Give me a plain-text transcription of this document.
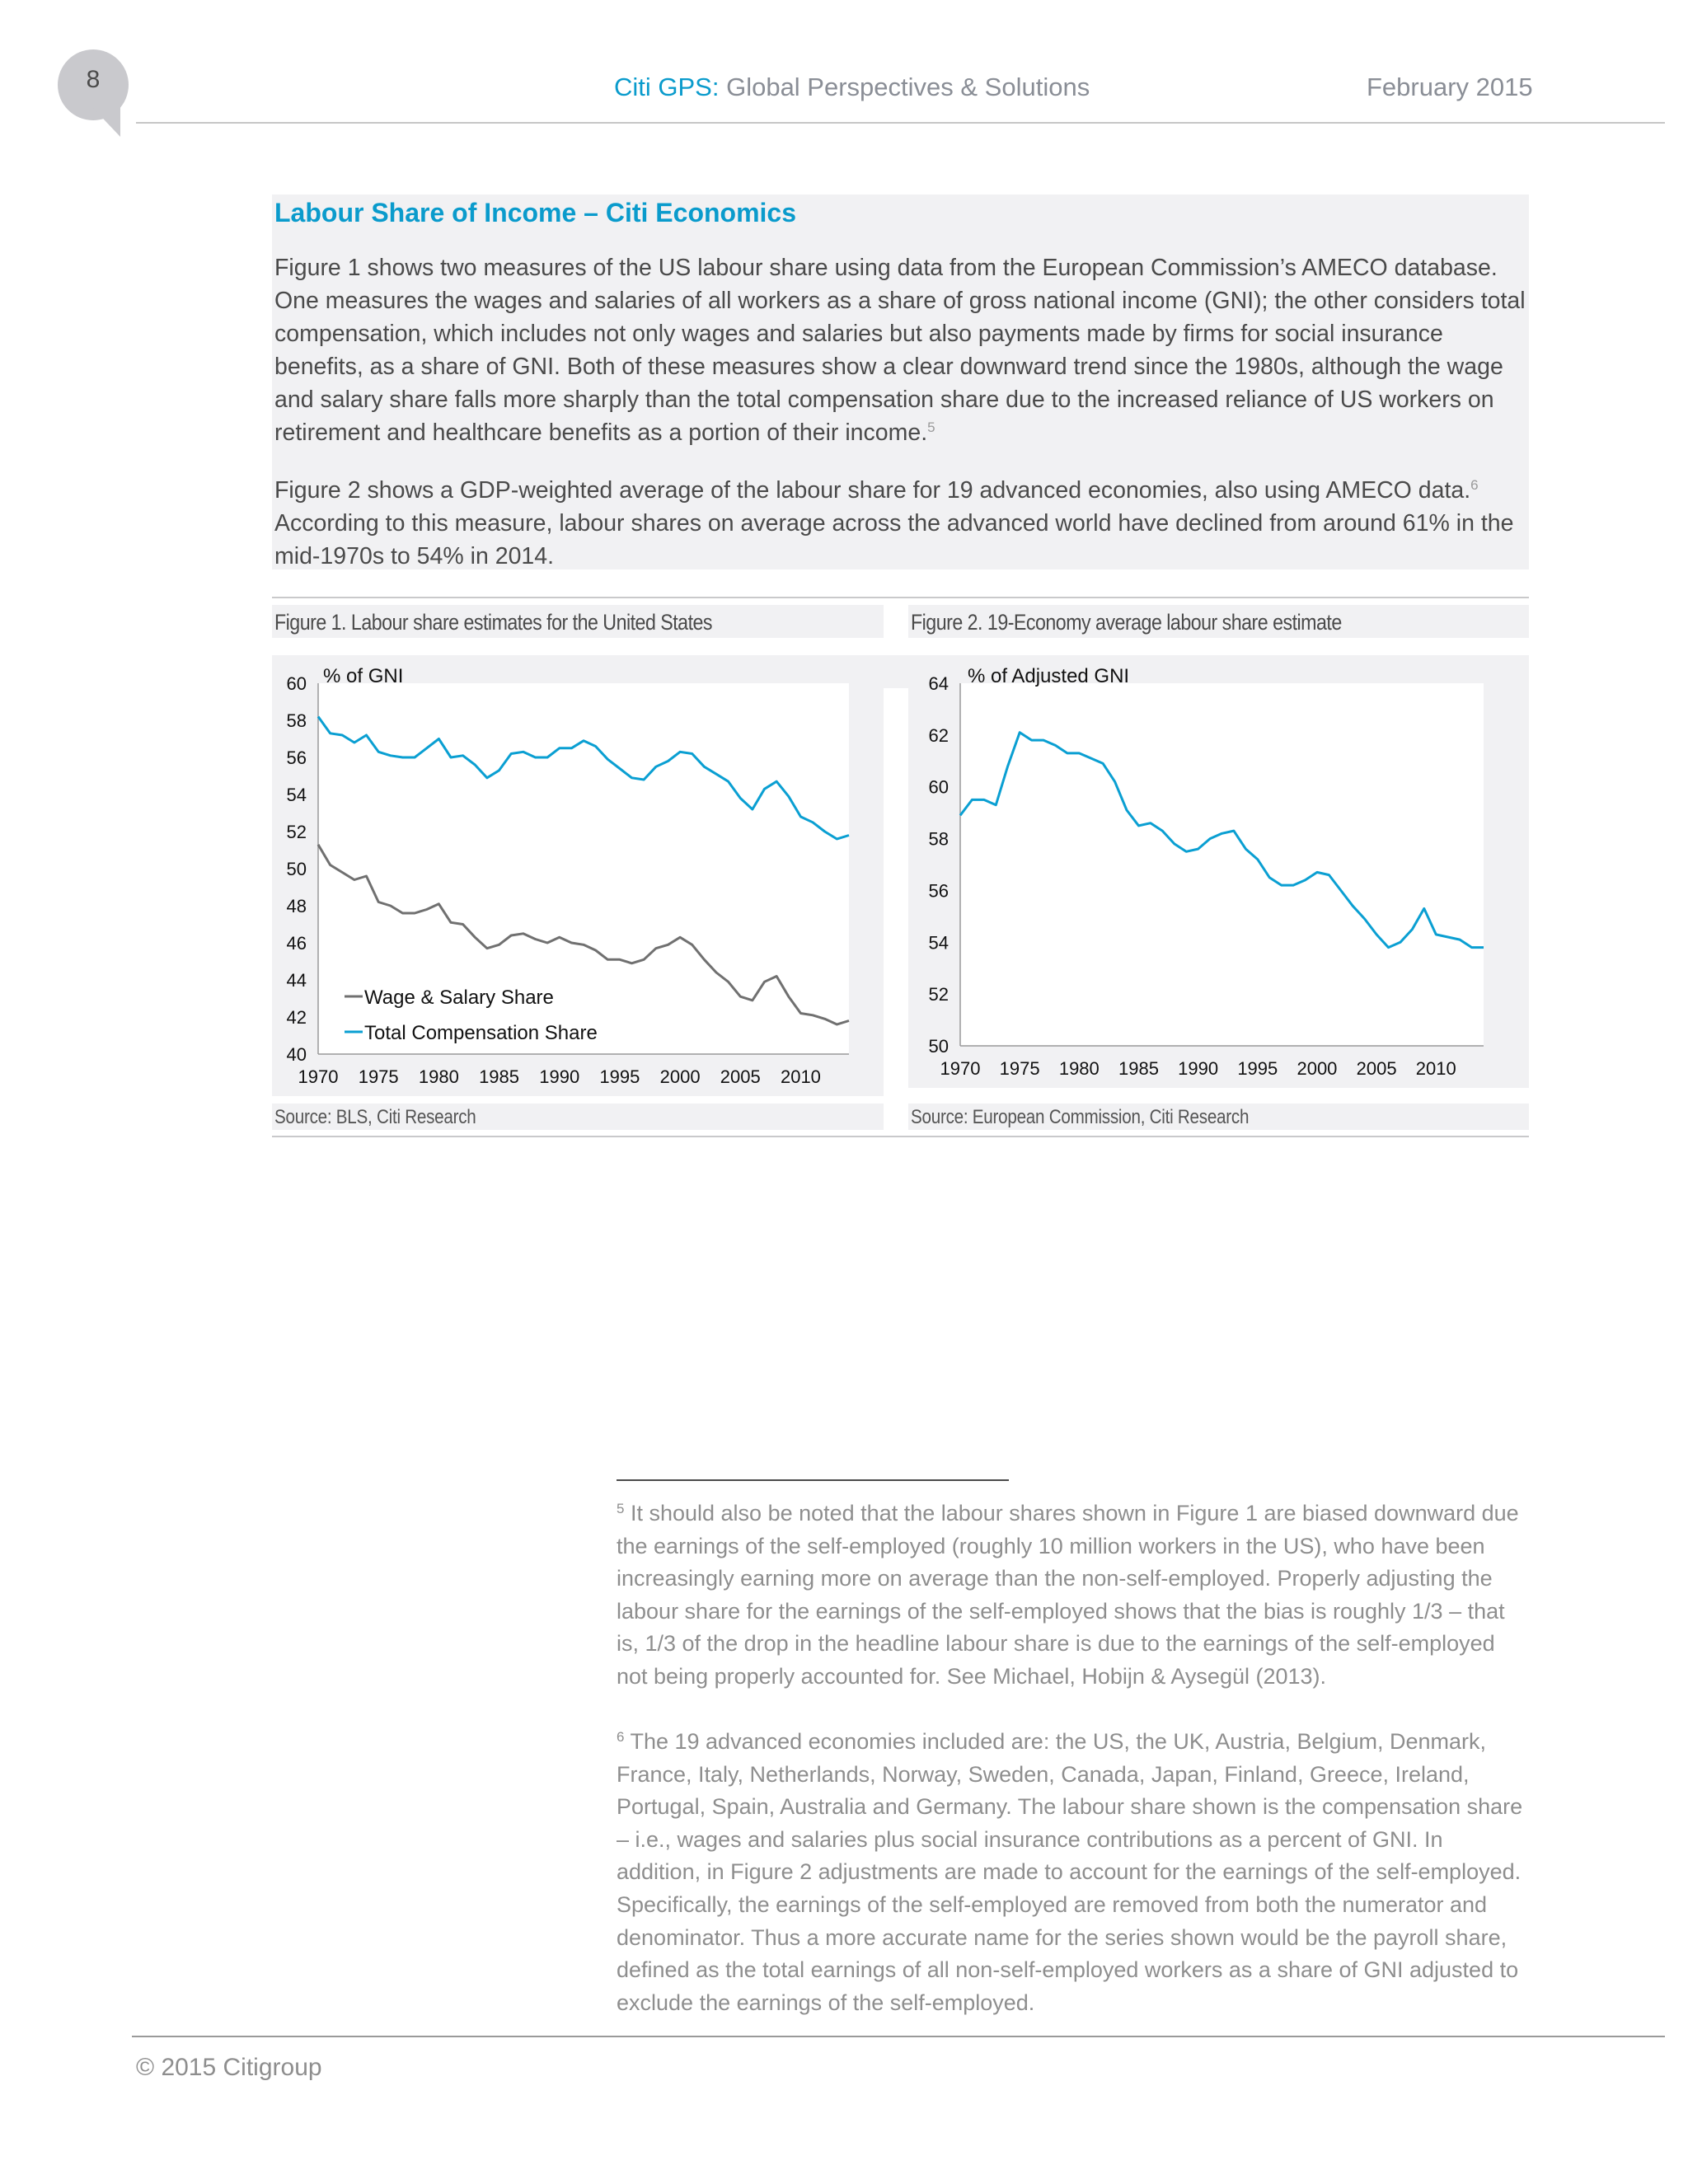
8	Citi GPS: Global Perspectives & Solutions	February 2015
Labour Share of Income – Citi Economics
Figure 1 shows two measures of the US labour share using data from the European Commission’s AMECO database. One measures the wages and salaries of all workers as a share of gross national income (GNI); the other considers total compensation, which includes not only wages and salaries but also payments made by firms for social insurance benefits, as a share of GNI. Both of these measures show a clear downward trend since the 1980s, although the wage and salary share falls more sharply than the total compensation share due to the increased reliance of US workers on retirement and healthcare benefits as a portion of their income.$^5$
Figure 2 shows a GDP-weighted average of the labour share for 19 advanced economies, also using AMECO data.$^6$ According to this measure, labour shares on average across the advanced world have declined from around 61% in the mid-1970s to 54% in 2014.
Figure 1. Labour share estimates for the United States	Figure 2. 19-Economy average labour share estimate
% of GNI
40
42
44
46
48
50
52
54
56
58
60
1970 1975 1980 1985 1990 1995 2000 2005 2010
Wage & Salary Share
Total Compensation Share
% of Adjusted GNI
50
52
54
56
58
60
62
64
1970 1975 1980 1985 1990 1995 2000 2005 2010
Source: BLS, Citi Research	Source: European Commission, Citi Research
$^5$ It should also be noted that the labour shares shown in Figure 1 are biased downward due the earnings of the self-employed (roughly 10 million workers in the US), who have been increasingly earning more on average than the non-self-employed. Properly adjusting the labour share for the earnings of the self-employed shows that the bias is roughly 1/3 – that is, 1/3 of the drop in the headline labour share is due to the earnings of the self-employed not being properly accounted for. See Michael, Hobijn & Aysegül (2013).
$^6$ The 19 advanced economies included are: the US, the UK, Austria, Belgium, Denmark, France, Italy, Netherlands, Norway, Sweden, Canada, Japan, Finland, Greece, Ireland, Portugal, Spain, Australia and Germany. The labour share shown is the compensation share – i.e., wages and salaries plus social insurance contributions as a percent of GNI. In addition, in Figure 2 adjustments are made to account for the earnings of the self-employed. Specifically, the earnings of the self-employed are removed from both the numerator and denominator. Thus a more accurate name for the series shown would be the payroll share, defined as the total earnings of all non-self-employed workers as a share of GNI adjusted to exclude the earnings of the self-employed.
© 2015 Citigroup
